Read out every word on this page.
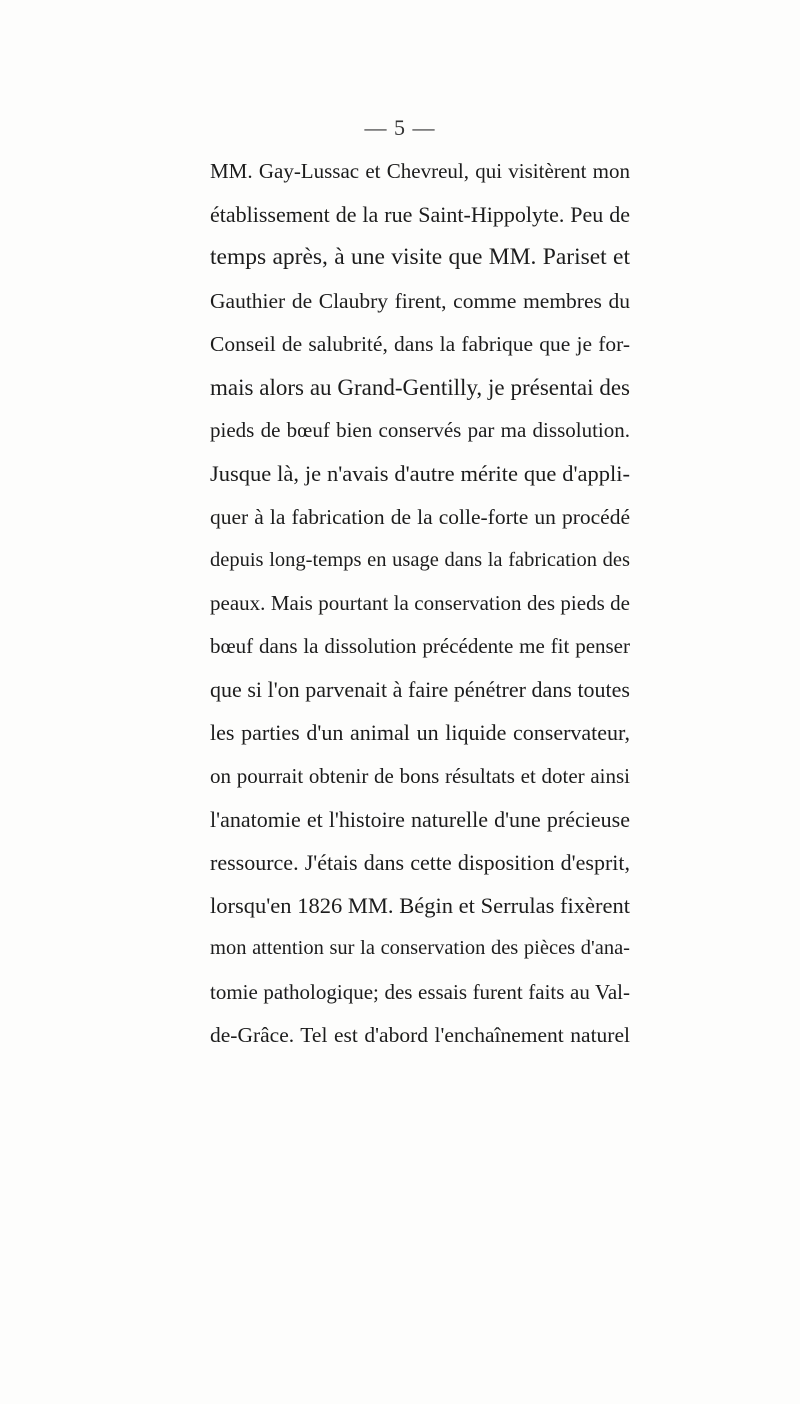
— 5 —
MM. Gay-Lussac et Chevreul, qui visitèrent mon
établissement de la rue Saint-Hippolyte. Peu de
temps après, à une visite que MM. Pariset et
Gauthier de Claubry firent, comme membres du
Conseil de salubrité, dans la fabrique que je for-
mais alors au Grand-Gentilly, je présentai des
pieds de bœuf bien conservés par ma dissolution.
Jusque là, je n'avais d'autre mérite que d'appli-
quer à la fabrication de la colle-forte un procédé
depuis long-temps en usage dans la fabrication des
peaux. Mais pourtant la conservation des pieds de
bœuf dans la dissolution précédente me fit penser
que si l'on parvenait à faire pénétrer dans toutes
les parties d'un animal un liquide conservateur,
on pourrait obtenir de bons résultats et doter ainsi
l'anatomie et l'histoire naturelle d'une précieuse
ressource. J'étais dans cette disposition d'esprit,
lorsqu'en 1826 MM. Bégin et Serrulas fixèrent
mon attention sur la conservation des pièces d'ana-
tomie pathologique; des essais furent faits au Val-
de-Grâce. Tel est d'abord l'enchaînement naturel
